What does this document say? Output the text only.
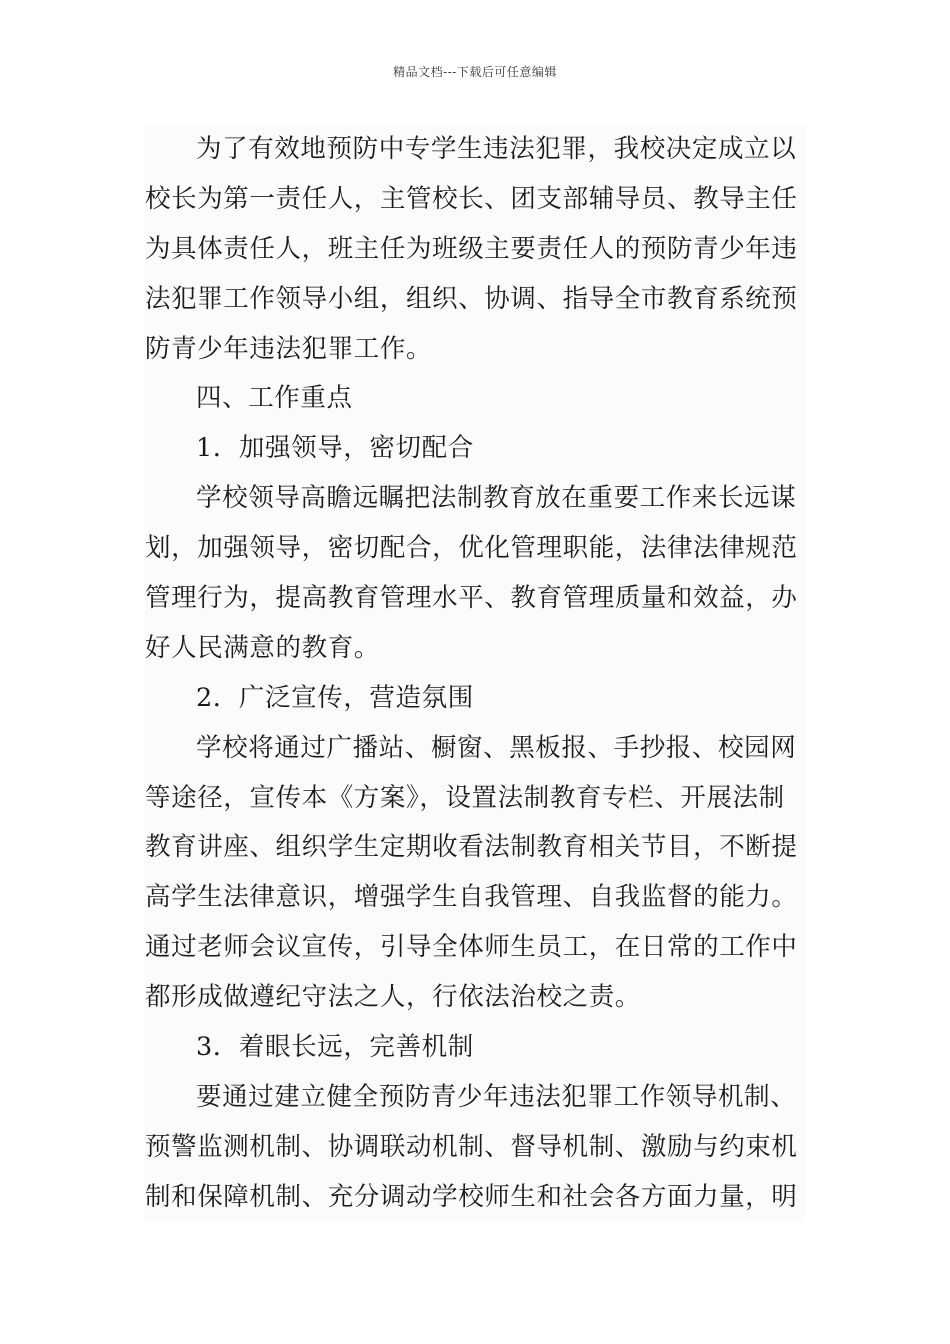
精品文档---下载后可任意编辑
为了有效地预防中专学生违法犯罪，我校决定成立以
校长为第一责任人，主管校长、团支部辅导员、教导主任
为具体责任人，班主任为班级主要责任人的预防青少年违
法犯罪工作领导小组，组织、协调、指导全市教育系统预
防青少年违法犯罪工作。
四、工作重点
1．加强领导，密切配合
学校领导高瞻远瞩把法制教育放在重要工作来长远谋
划，加强领导，密切配合，优化管理职能，法律法律规范
管理行为，提高教育管理水平、教育管理质量和效益，办
好人民满意的教育。
2．广泛宣传，营造氛围
学校将通过广播站、橱窗、黑板报、手抄报、校园网
等途径，宣传本《方案》，设置法制教育专栏、开展法制
教育讲座、组织学生定期收看法制教育相关节目，不断提
高学生法律意识，增强学生自我管理、自我监督的能力。
通过老师会议宣传，引导全体师生员工，在日常的工作中
都形成做遵纪守法之人，行依法治校之责。
3．着眼长远，完善机制
要通过建立健全预防青少年违法犯罪工作领导机制、
预警监测机制、协调联动机制、督导机制、激励与约束机
制和保障机制、充分调动学校师生和社会各方面力量，明
